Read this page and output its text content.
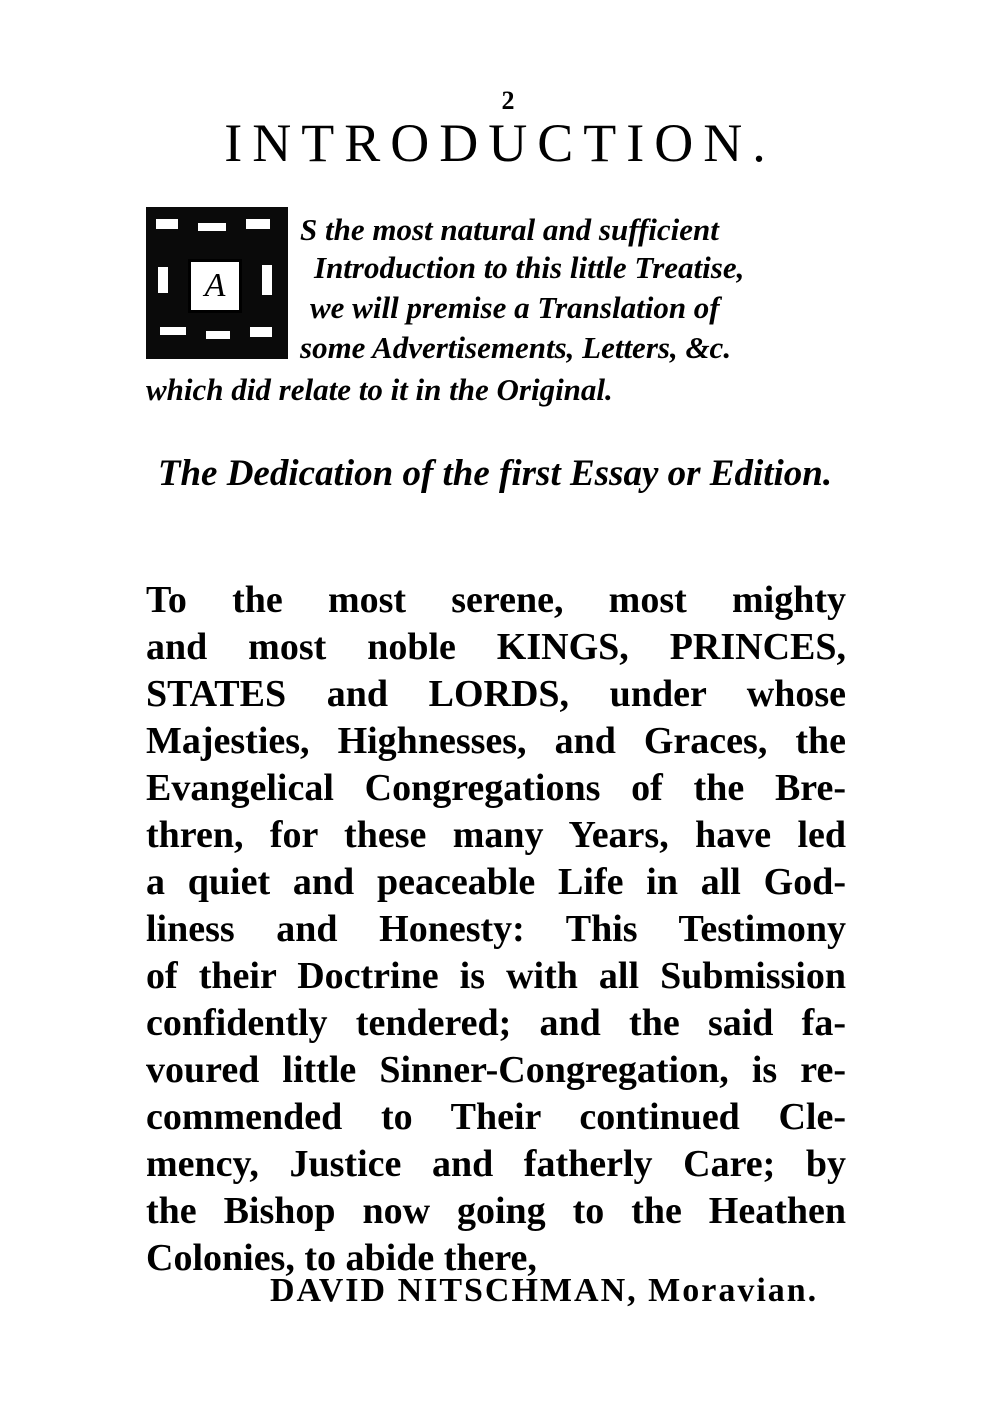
2
INTRODUCTION.
A
S the most natural and sufficient
Introduction to this little Treatise,
we will premise a Translation of
some Advertisements, Letters, &c.
which did relate to it in the Original.
The Dedication of the first Essay or Edition.
To the most serene, most mighty
and most noble KINGS, PRINCES,
STATES and LORDS, under whose
Majesties, Highnesses, and Graces, the
Evangelical Congregations of the Bre-
thren, for these many Years, have led
a quiet and peaceable Life in all God-
liness and Honesty: This Testimony
of their Doctrine is with all Submission
confidently tendered; and the said fa-
voured little Sinner-Congregation, is re-
commended to Their continued Cle-
mency, Justice and fatherly Care; by
the Bishop now going to the Heathen
Colonies, to abide there,
DAVID NITSCHMAN, Moravian.
